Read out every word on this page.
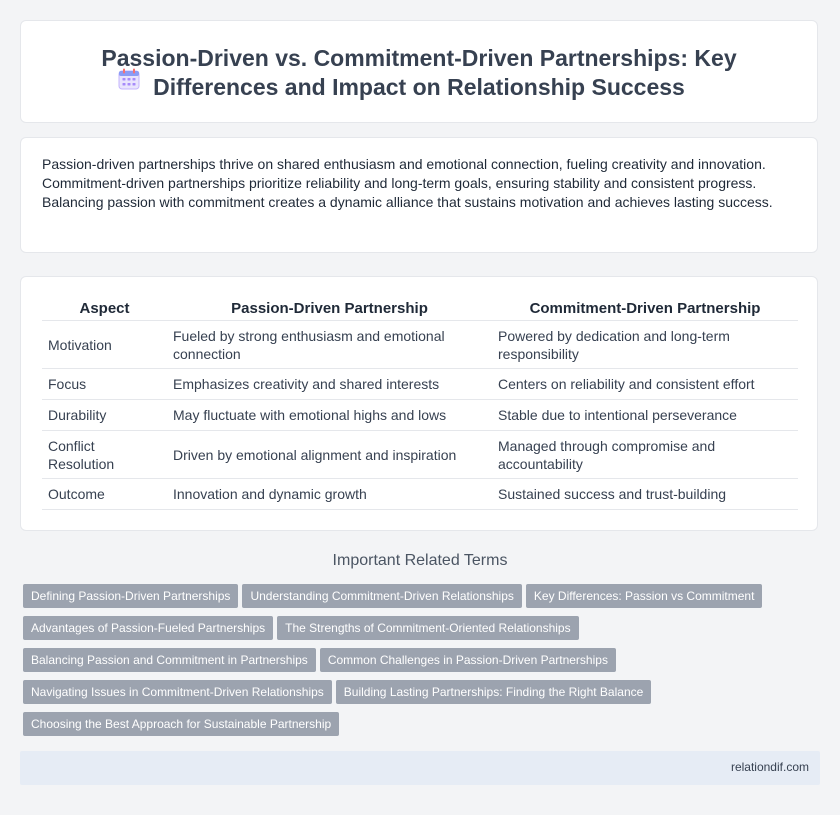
Passion-Driven vs. Commitment-Driven Partnerships: Key Differences and Impact on Relationship Success

Passion-driven partnerships thrive on shared enthusiasm and emotional connection, fueling creativity and innovation. Commitment-driven partnerships prioritize reliability and long-term goals, ensuring stability and consistent progress. Balancing passion with commitment creates a dynamic alliance that sustains motivation and achieves lasting success.

Aspect	Passion-Driven Partnership	Commitment-Driven Partnership
Motivation	Fueled by strong enthusiasm and emotional connection	Powered by dedication and long-term responsibility
Focus	Emphasizes creativity and shared interests	Centers on reliability and consistent effort
Durability	May fluctuate with emotional highs and lows	Stable due to intentional perseverance
Conflict Resolution	Driven by emotional alignment and inspiration	Managed through compromise and accountability
Outcome	Innovation and dynamic growth	Sustained success and trust-building
Important Related Terms
Defining Passion-Driven Partnerships Understanding Commitment-Driven Relationships Key Differences: Passion vs Commitment
Advantages of Passion-Fueled Partnerships The Strengths of Commitment-Oriented Relationships
Balancing Passion and Commitment in Partnerships Common Challenges in Passion-Driven Partnerships
Navigating Issues in Commitment-Driven Relationships Building Lasting Partnerships: Finding the Right Balance
Choosing the Best Approach for Sustainable Partnership
relationdif.com
